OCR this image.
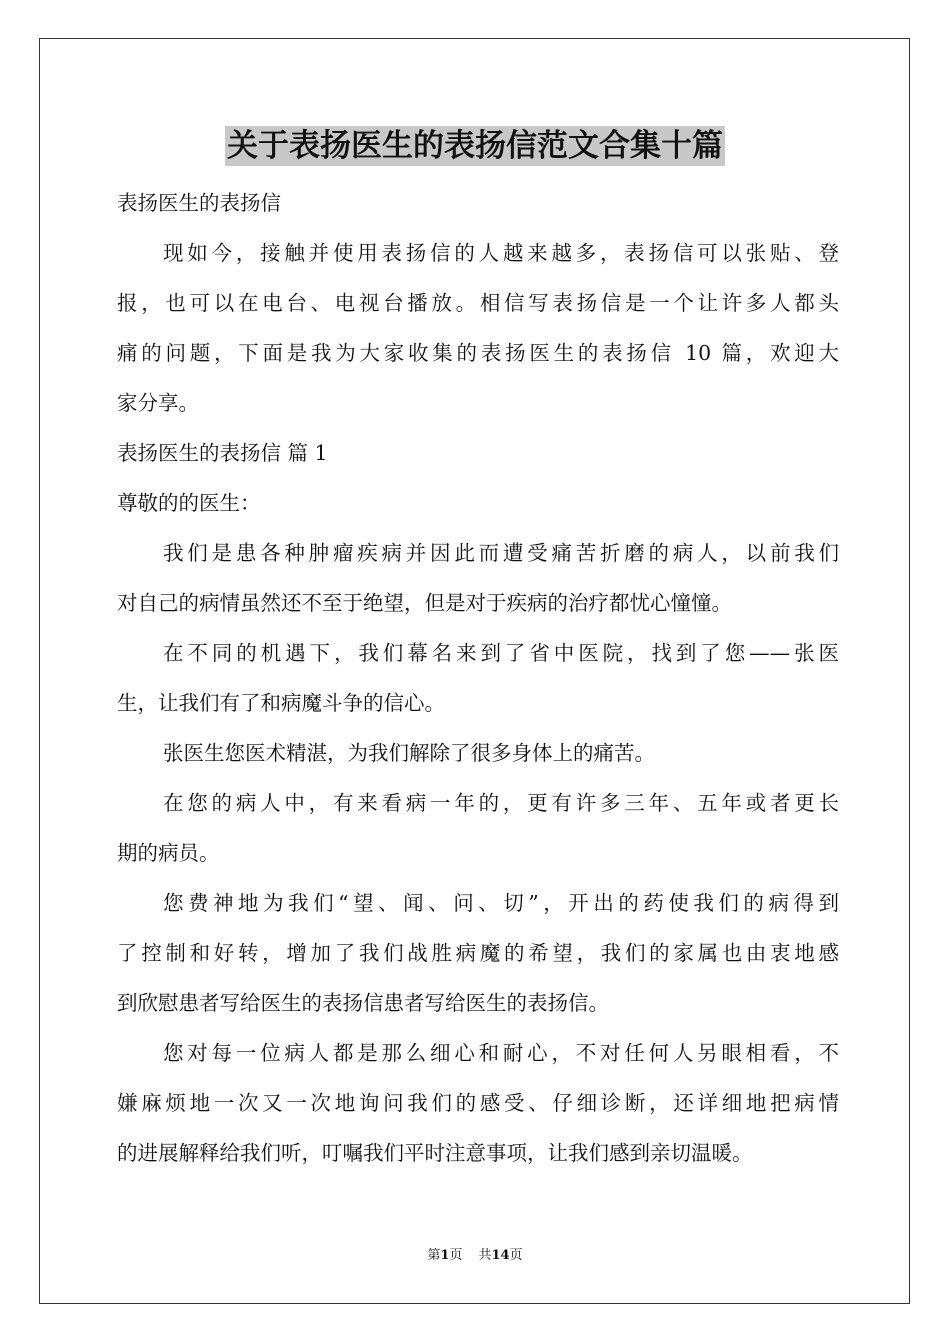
关于表扬医生的表扬信范文合集十篇
表扬医生的表扬信
现如今，接触并使用表扬信的人越来越多，表扬信可以张贴、登
报，也可以在电台、电视台播放。相信写表扬信是一个让许多人都头
痛的问题，下面是我为大家收集的表扬医生的表扬信 10 篇，欢迎大
家分享。
表扬医生的表扬信 篇 1
尊敬的的医生：
我们是患各种肿瘤疾病并因此而遭受痛苦折磨的病人，以前我们
对自己的病情虽然还不至于绝望，但是对于疾病的治疗都忧心憧憧。
在不同的机遇下，我们幕名来到了省中医院，找到了您——张医
生，让我们有了和病魔斗争的信心。
张医生您医术精湛，为我们解除了很多身体上的痛苦。
在您的病人中，有来看病一年的，更有许多三年、五年或者更长
期的病员。
您费神地为我们“望、闻、问、切”，开出的药使我们的病得到
了控制和好转，增加了我们战胜病魔的希望，我们的家属也由衷地感
到欣慰患者写给医生的表扬信患者写给医生的表扬信。
您对每一位病人都是那么细心和耐心，不对任何人另眼相看，不
嫌麻烦地一次又一次地询问我们的感受、仔细诊断，还详细地把病情
的进展解释给我们听，叮嘱我们平时注意事项，让我们感到亲切温暖。
第1页 共14页
